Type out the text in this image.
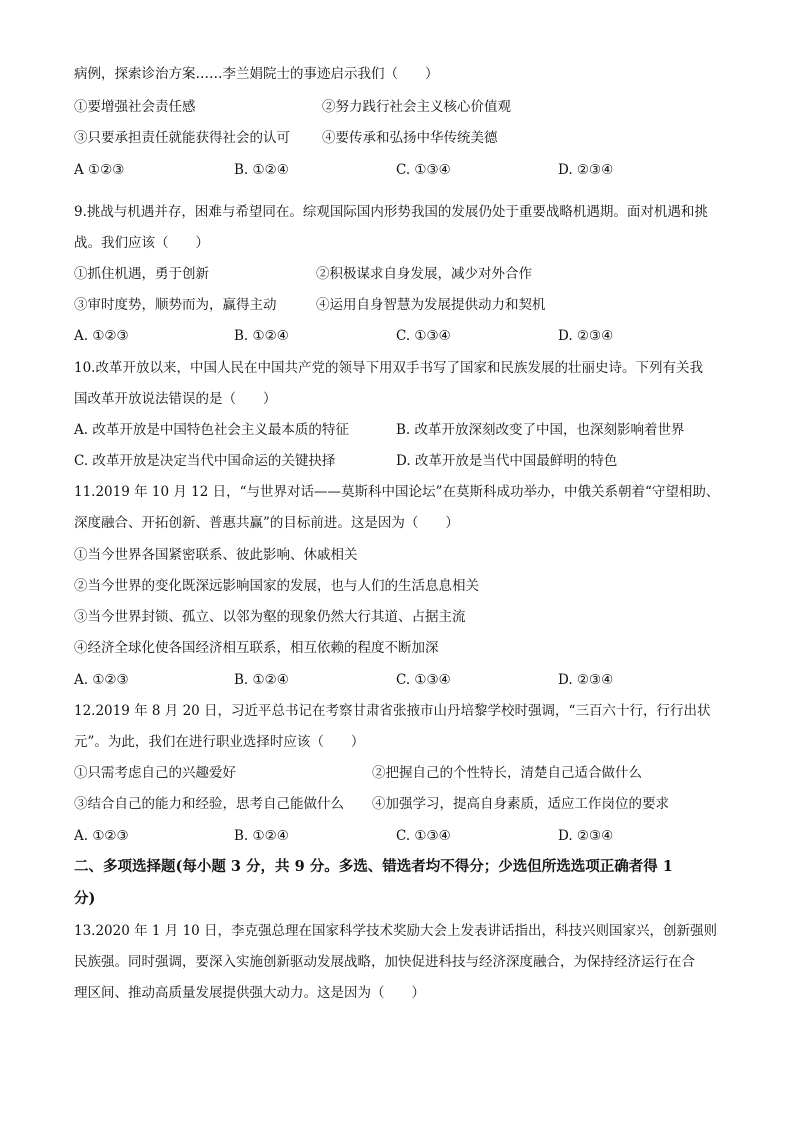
病例，探索诊治方案……李兰娟院士的事迹启示我们（　　）
①要增强社会责任感	②努力践行社会主义核心价值观
③只要承担责任就能获得社会的认可 ④要传承和弘扬中华传统美德
A ①②③	B. ①②④	C. ①③④	D. ②③④
9.挑战与机遇并存，困难与希望同在。综观国际国内形势我国的发展仍处于重要战略机遇期。面对机遇和挑
战。我们应该（　　）
①抓住机遇，勇于创新	②积极谋求自身发展，减少对外合作
③审时度势，顺势而为，赢得主动	④运用自身智慧为发展提供动力和契机
A. ①②③	B. ①②④	C. ①③④	D. ②③④
10.改革开放以来，中国人民在中国共产党的领导下用双手书写了国家和民族发展的壮丽史诗。下列有关我
国改革开放说法错误的是（　　）
A. 改革开放是中国特色社会主义最本质的特征	B. 改革开放深刻改变了中国，也深刻影响着世界
C. 改革开放是决定当代中国命运的关键抉择	D. 改革开放是当代中国最鲜明的特色
11.2019 年 10 月 12 日，“与世界对话——莫斯科中国论坛”在莫斯科成功举办，中俄关系朝着“守望相助、
深度融合、开拓创新、普惠共赢”的目标前进。这是因为（　　）
①当今世界各国紧密联系、彼此影响、休戚相关
②当今世界的变化既深远影响国家的发展，也与人们的生活息息相关
③当今世界封锁、孤立、以邻为壑的现象仍然大行其道、占据主流
④经济全球化使各国经济相互联系，相互依赖的程度不断加深
A. ①②③	B. ①②④	C. ①③④	D. ②③④
12.2019 年 8 月 20 日，习近平总书记在考察甘肃省张掖市山丹培黎学校时强调，“三百六十行，行行出状
元”。为此，我们在进行职业选择时应该（　　）
①只需考虑自己的兴趣爱好	②把握自己的个性特长，清楚自己适合做什么
③结合自己的能力和经验，思考自己能做什么 ④加强学习，提高自身素质，适应工作岗位的要求
A. ①②③	B. ①②④	C. ①③④	D. ②③④
二、多项选择题(每小题 3 分，共 9 分。多选、错选者均不得分；少选但所选选项正确者得 1
分)
13.2020 年 1 月 10 日，李克强总理在国家科学技术奖励大会上发表讲话指出，科技兴则国家兴，创新强则
民族强。同时强调，要深入实施创新驱动发展战略，加快促进科技与经济深度融合，为保持经济运行在合
理区间、推动高质量发展提供强大动力。这是因为（　　）
